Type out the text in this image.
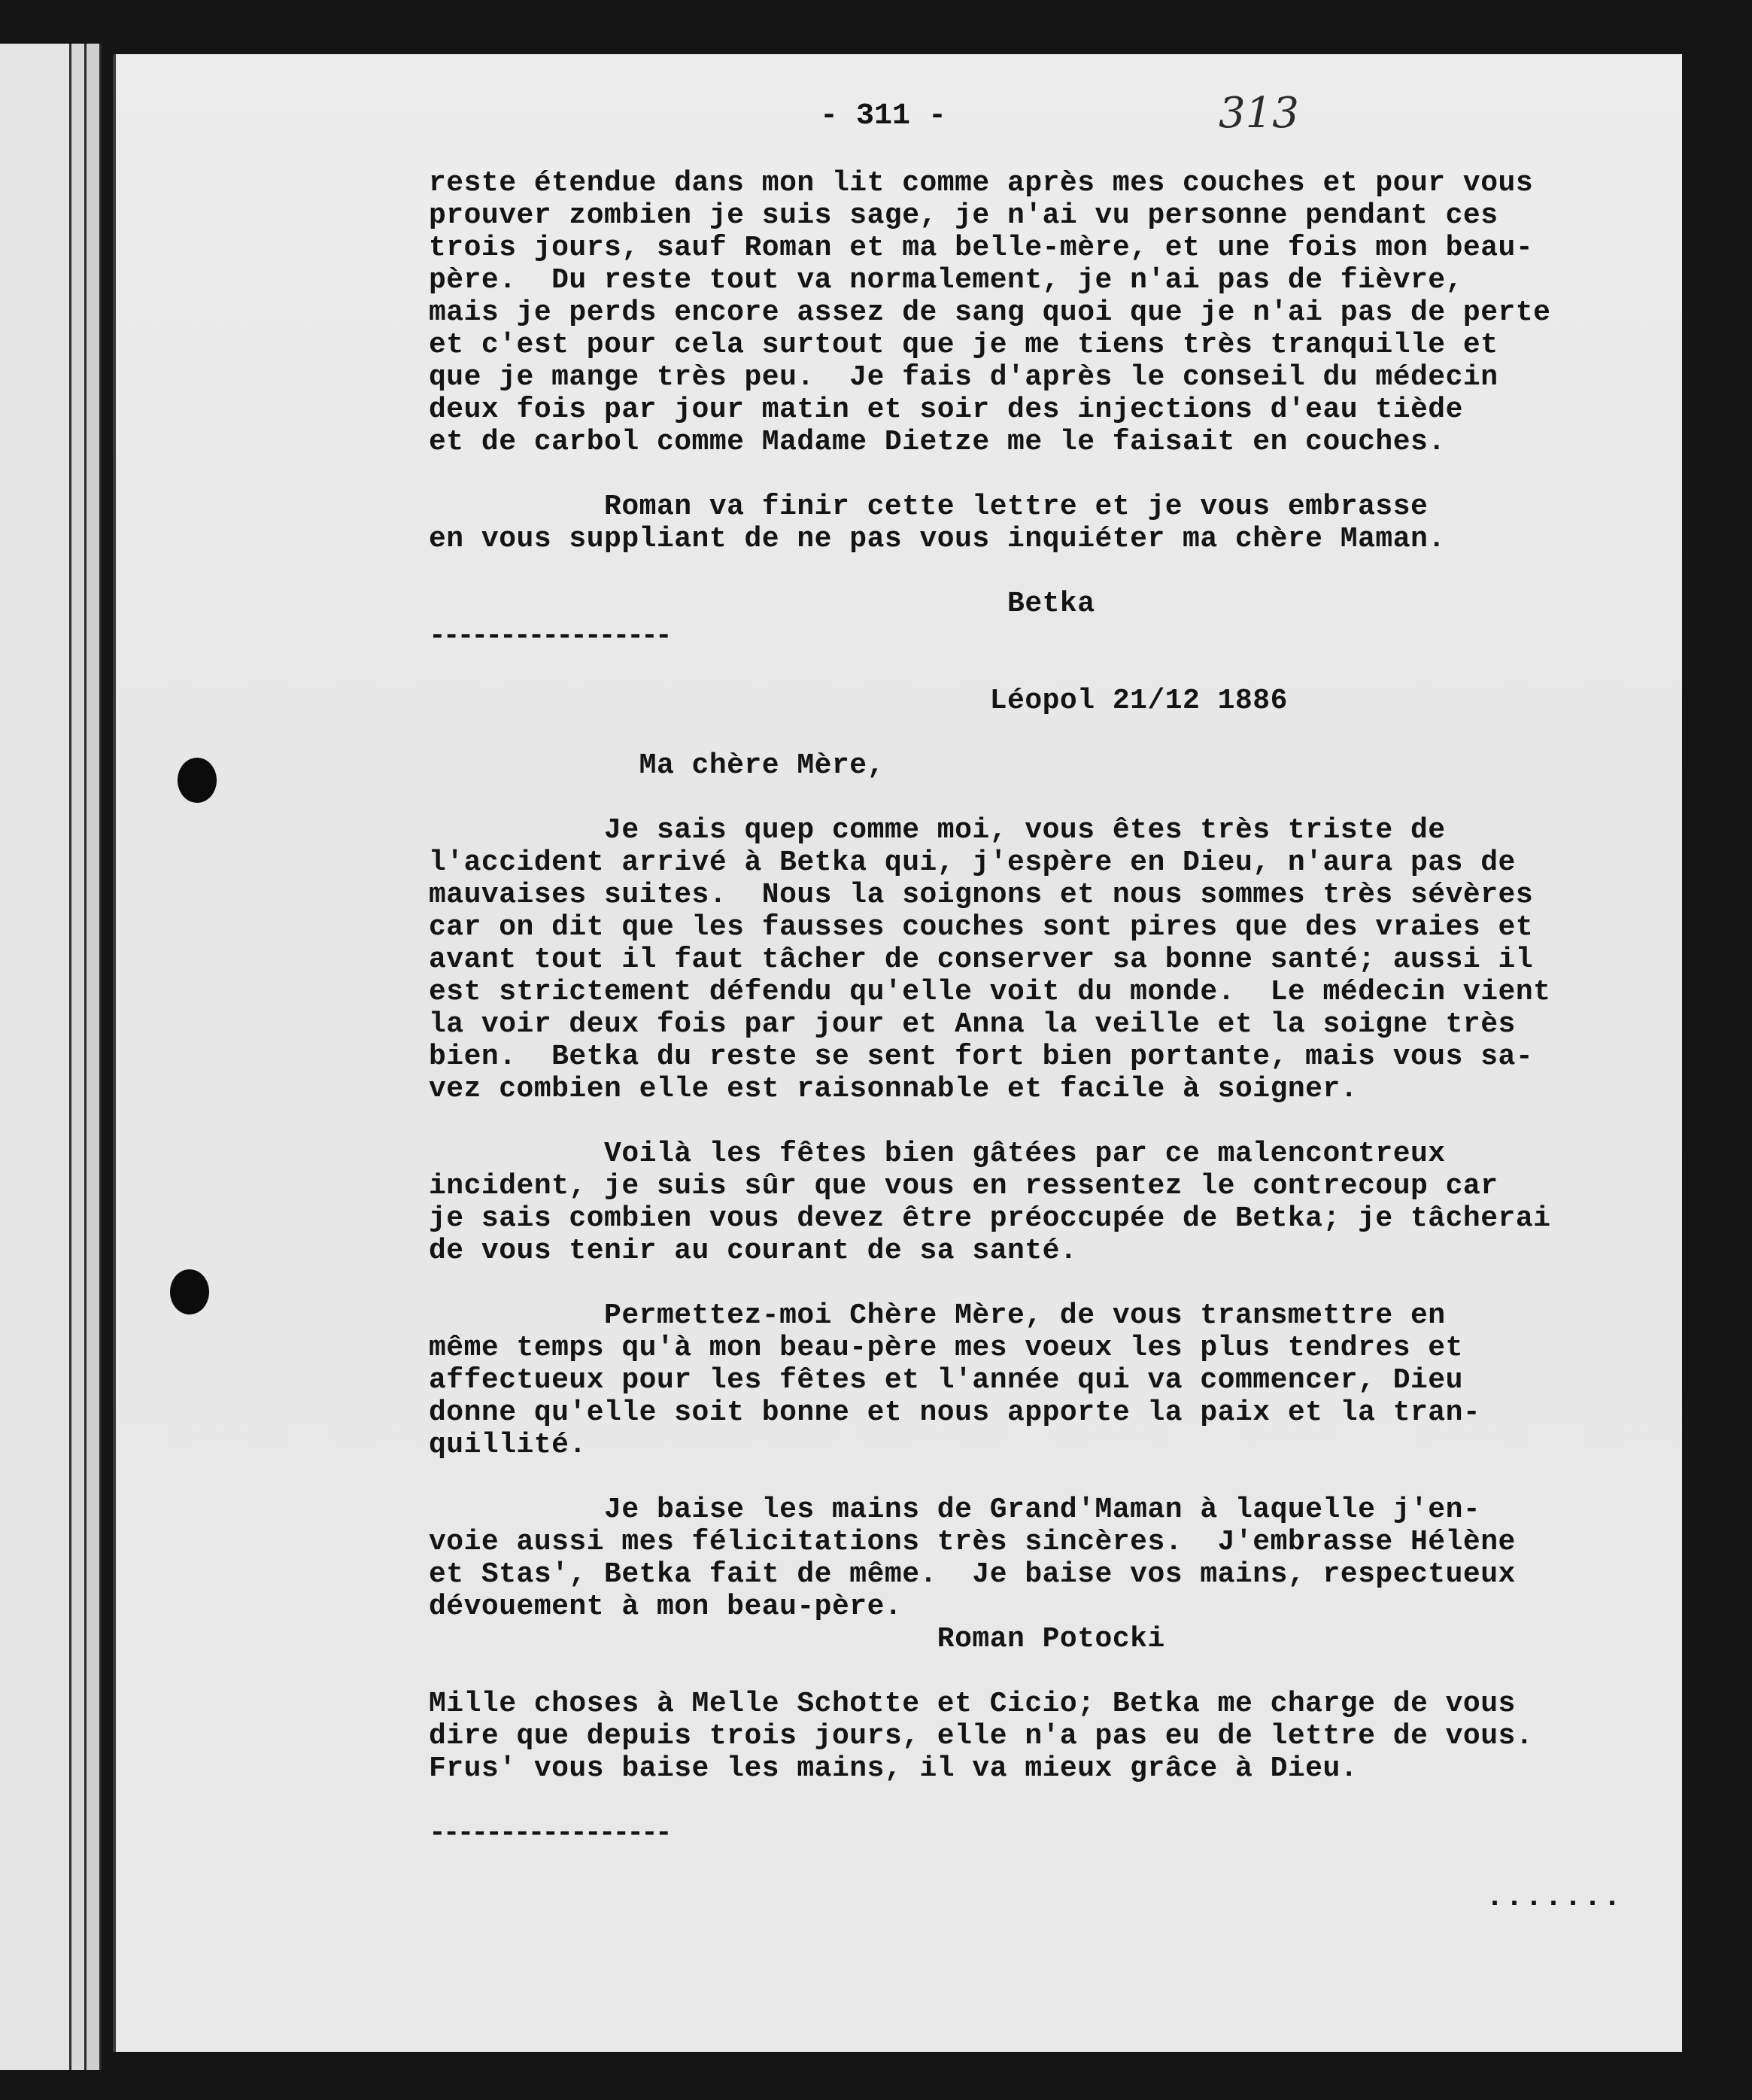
- 311 -	313

reste étendue dans mon lit comme après mes couches et pour vous

prouver zombien je suis sage, je n'ai vu personne pendant ces

trois jours, sauf Roman et ma belle-mère, et une fois mon beau-

père.  Du reste tout va normalement, je n'ai pas de fièvre,

mais je perds encore assez de sang quoi que je n'ai pas de perte

et c'est pour cela surtout que je me tiens très tranquille et

que je mange très peu.  Je fais d'après le conseil du médecin

deux fois par jour matin et soir des injections d'eau tiède

et de carbol comme Madame Dietze me le faisait en couches.

Roman va finir cette lettre et je vous embrasse

en vous suppliant de ne pas vous inquiéter ma chère Maman.

Betka

-----------------

Léopol 21/12 1886

Ma chère Mère,

Je sais quep comme moi, vous êtes très triste de

l'accident arrivé à Betka qui, j'espère en Dieu, n'aura pas de

mauvaises suites.  Nous la soignons et nous sommes très sévères

car on dit que les fausses couches sont pires que des vraies et

avant tout il faut tâcher de conserver sa bonne santé; aussi il

est strictement défendu qu'elle voit du monde.  Le médecin vient

la voir deux fois par jour et Anna la veille et la soigne très

bien.  Betka du reste se sent fort bien portante, mais vous sa-

vez combien elle est raisonnable et facile à soigner.

Voilà les fêtes bien gâtées par ce malencontreux

incident, je suis sûr que vous en ressentez le contrecoup car

je sais combien vous devez être préoccupée de Betka; je tâcherai

de vous tenir au courant de sa santé.

Permettez-moi Chère Mère, de vous transmettre en

même temps qu'à mon beau-père mes voeux les plus tendres et

affectueux pour les fêtes et l'année qui va commencer, Dieu

donne qu'elle soit bonne et nous apporte la paix et la tran-

quillité.

Je baise les mains de Grand'Maman à laquelle j'en-

voie aussi mes félicitations très sincères.  J'embrasse Hélène

et Stas', Betka fait de même.  Je baise vos mains, respectueux

dévouement à mon beau-père.

Roman Potocki

Mille choses à Melle Schotte et Cicio; Betka me charge de vous

dire que depuis trois jours, elle n'a pas eu de lettre de vous.

Frus' vous baise les mains, il va mieux grâce à Dieu.

-----------------

.......
